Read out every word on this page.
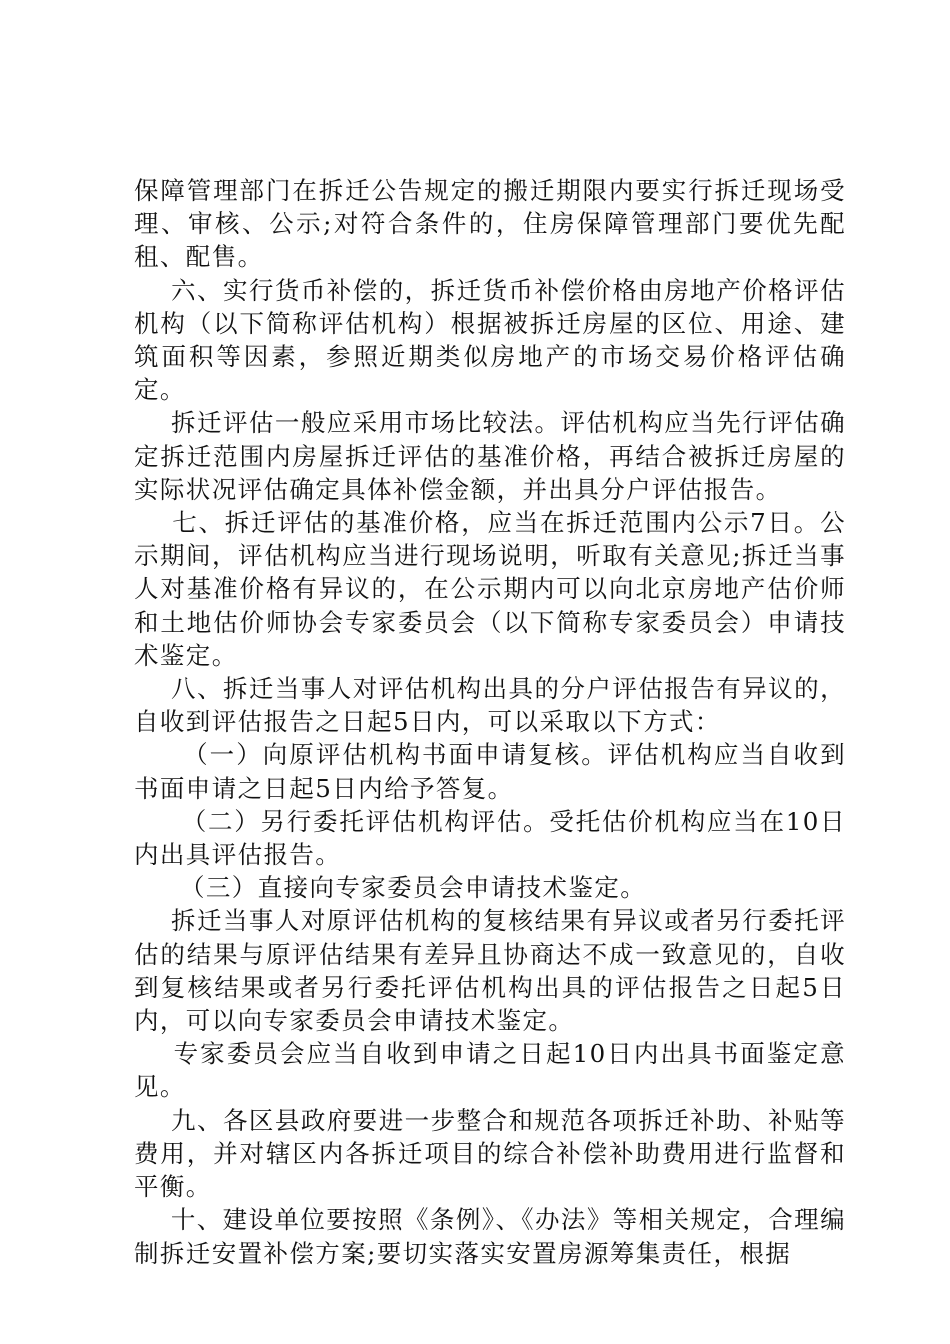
保障管理部门在拆迁公告规定的搬迁期限内要实行拆迁现场受理、审核、公示;对符合条件的，住房保障管理部门要优先配租、配售。

六、实行货币补偿的，拆迁货币补偿价格由房地产价格评估机构（以下简称评估机构）根据被拆迁房屋的区位、用途、建筑面积等因素，参照近期类似房地产的市场交易价格评估确定。

拆迁评估一般应采用市场比较法。评估机构应当先行评估确定拆迁范围内房屋拆迁评估的基准价格，再结合被拆迁房屋的实际状况评估确定具体补偿金额，并出具分户评估报告。

七、拆迁评估的基准价格，应当在拆迁范围内公示7日。公示期间，评估机构应当进行现场说明，听取有关意见;拆迁当事人对基准价格有异议的，在公示期内可以向北京房地产估价师和土地估价师协会专家委员会（以下简称专家委员会）申请技术鉴定。

八、拆迁当事人对评估机构出具的分户评估报告有异议的，自收到评估报告之日起5日内，可以采取以下方式：

（一）向原评估机构书面申请复核。评估机构应当自收到书面申请之日起5日内给予答复。

（二）另行委托评估机构评估。受托估价机构应当在10日内出具评估报告。

（三）直接向专家委员会申请技术鉴定。

拆迁当事人对原评估机构的复核结果有异议或者另行委托评估的结果与原评估结果有差异且协商达不成一致意见的，自收到复核结果或者另行委托评估机构出具的评估报告之日起5日内，可以向专家委员会申请技术鉴定。

专家委员会应当自收到申请之日起10日内出具书面鉴定意见。

九、各区县政府要进一步整合和规范各项拆迁补助、补贴等费用，并对辖区内各拆迁项目的综合补偿补助费用进行监督和平衡。

十、建设单位要按照《条例》、《办法》等相关规定，合理编制拆迁安置补偿方案;要切实落实安置房源筹集责任，根据
